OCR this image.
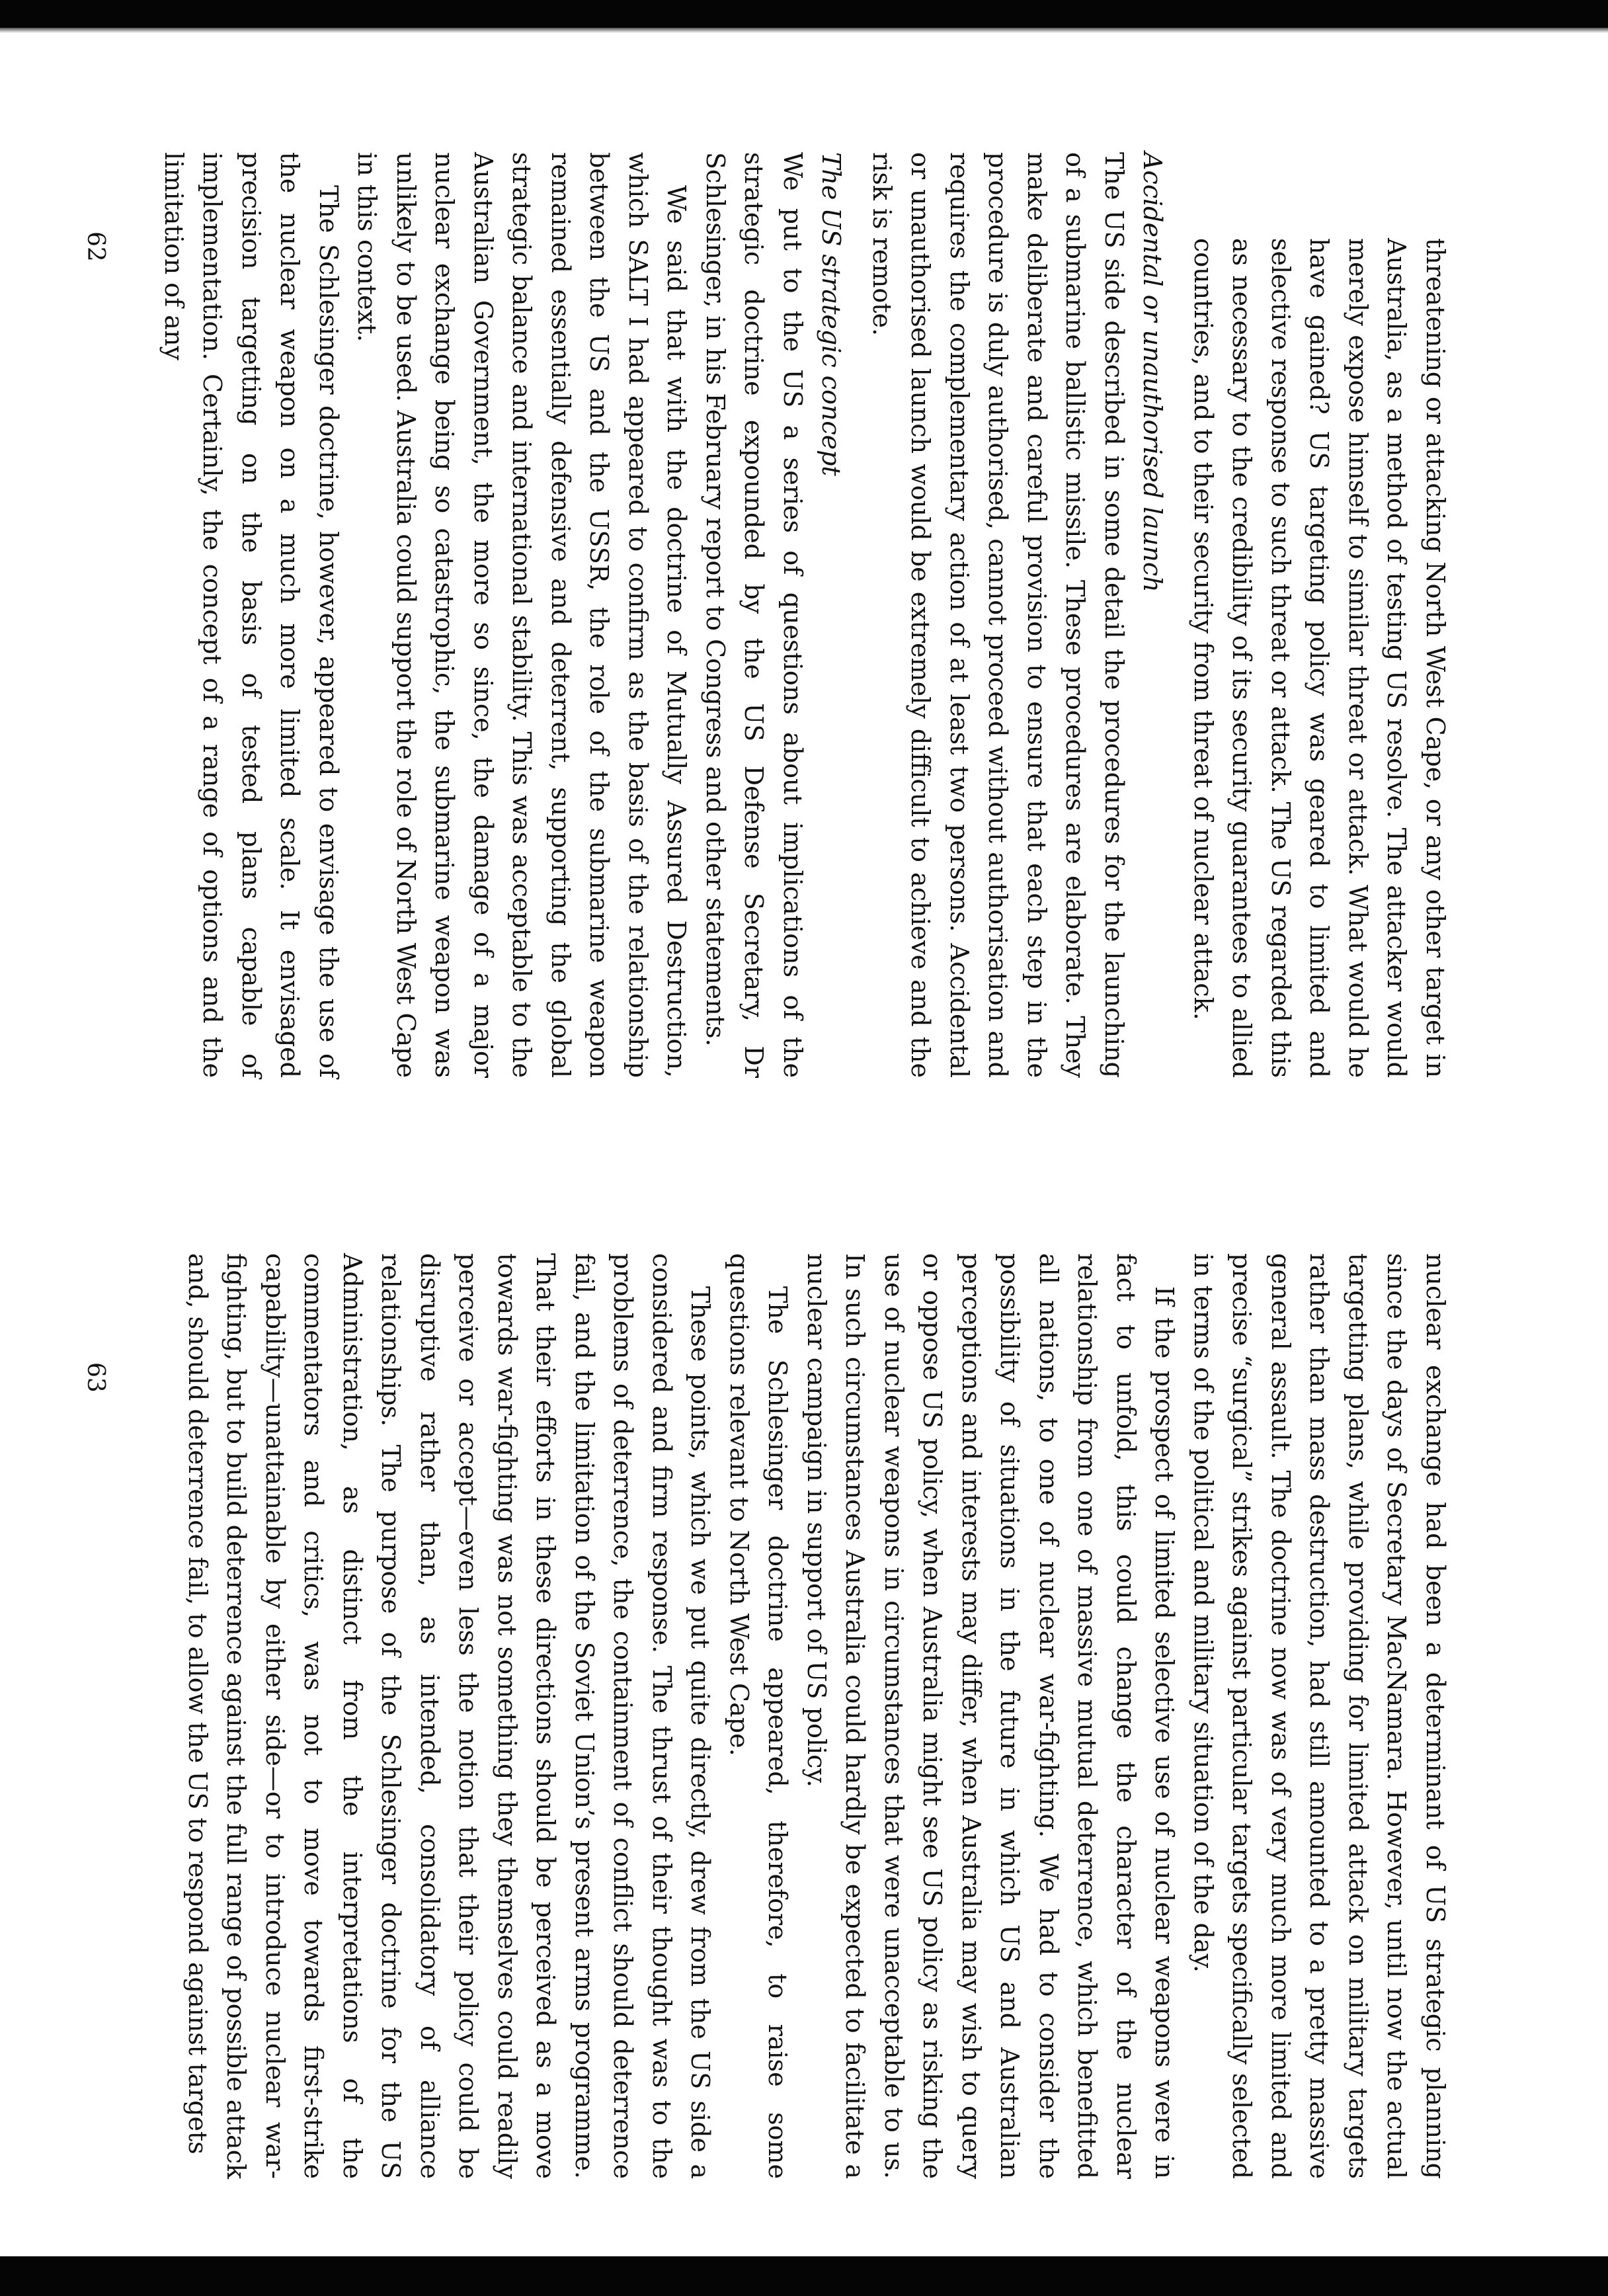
threatening or attacking North West Cape, or any other target in Australia, as a method of testing US resolve. The attacker would merely expose himself to similar threat or attack. What would he have gained? US targeting policy was geared to limited and selective response to such threat or attack. The US regarded this as necessary to the credibility of its security guarantees to allied countries, and to their security from threat of nuclear attack.

Accidental or unauthorised launch

The US side described in some detail the procedures for the launching of a submarine ballistic missile. These procedures are elaborate. They make deliberate and careful provision to ensure that each step in the procedure is duly authorised, cannot proceed without authorisation and requires the complementary action of at least two persons. Accidental or unauthorised launch would be extremely difficult to achieve and the risk is remote.

The US strategic concept

We put to the US a series of questions about implications of the strategic doctrine expounded by the US Defense Secretary, Dr Schlesinger, in his February report to Congress and other statements.

We said that with the doctrine of Mutually Assured Destruction, which SALT I had appeared to confirm as the basis of the relationship between the US and the USSR, the role of the submarine weapon remained essentially defensive and deterrent, supporting the global strategic balance and international stability. This was acceptable to the Australian Government, the more so since, the damage of a major nuclear exchange being so catastrophic, the submarine weapon was unlikely to be used. Australia could support the role of North West Cape in this context.

The Schlesinger doctrine, however, appeared to envisage the use of the nuclear weapon on a much more limited scale. It envisaged precision targetting on the basis of tested plans capable of implementation. Certainly, the concept of a range of options and the limitation of any

nuclear exchange had been a determinant of US strategic planning since the days of Secretary MacNamara. However, until now the actual targetting plans, while providing for limited attack on military targets rather than mass destruction, had still amounted to a pretty massive general assault. The doctrine now was of very much more limited and precise “surgical” strikes against particular targets specifically selected in terms of the political and military situation of the day.

If the prospect of limited selective use of nuclear weapons were in fact to unfold, this could change the character of the nuclear relationship from one of massive mutual deterrence, which benefitted all nations, to one of nuclear war-fighting. We had to consider the possibility of situations in the future in which US and Australian perceptions and interests may differ, when Australia may wish to query or oppose US policy, when Australia might see US policy as risking the use of nuclear weapons in circumstances that were unacceptable to us. In such circumstances Australia could hardly be expected to facilitate a nuclear campaign in support of US policy.

The Schlesinger doctrine appeared, therefore, to raise some questions relevant to North West Cape.

These points, which we put quite directly, drew from the US side a considered and firm response. The thrust of their thought was to the problems of deterrence, the containment of conflict should deterrence fail, and the limitation of the Soviet Union’s present arms programme. That their efforts in these directions should be perceived as a move towards war-fighting was not something they themselves could readily perceive or accept—even less the notion that their policy could be disruptive rather than, as intended, consolidatory of alliance relationships. The purpose of the Schlesinger doctrine for the US Administration, as distinct from the interpretations of the commentators and critics, was not to move towards first-strike capability—unattainable by either side—or to introduce nuclear war-fighting, but to build deterrence against the full range of possible attack and, should deterrence fail, to allow the US to respond against targets

62
63
